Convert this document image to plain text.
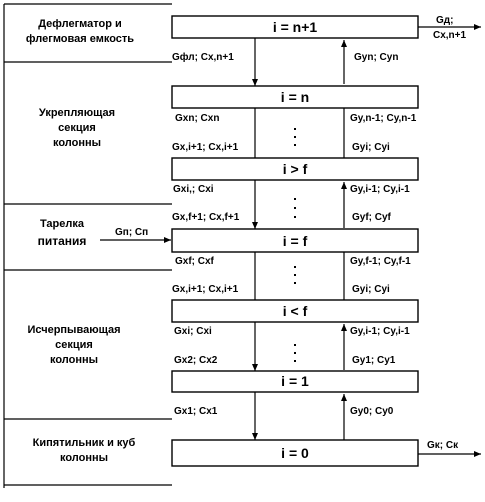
Дефлегматор и
флегмовая емкость
Укрепляющая
секция
колонны
Тарелка
питания
Исчерпывающая
секция
колонны
Кипятильник и куб
колонны
i = n+1
i = n
i > f
i = f
i < f
i = 1
i = 0
Gд;
Cx,n+1
Gфл; Cx,n+1	Gyn; Cyn
Gxn; Cxn	Gy,n-1; Cy,n-1
Gx,i+1; Cx,i+1	Gyi; Cyi
Gxi,; Cxi	Gy,i-1; Cy,i-1
Gx,f+1; Cx,f+1	Gyf; Cyf
Gп; Сп
Gxf; Cxf	Gy,f-1; Cy,f-1
Gx,i+1; Cx,i+1	Gyi; Cyi
Gxi; Cxi	Gy,i-1; Cy,i-1
Gx2; Cx2	Gy1; Cy1
Gx1; Cx1	Gy0; Cy0
Gк; Cк
